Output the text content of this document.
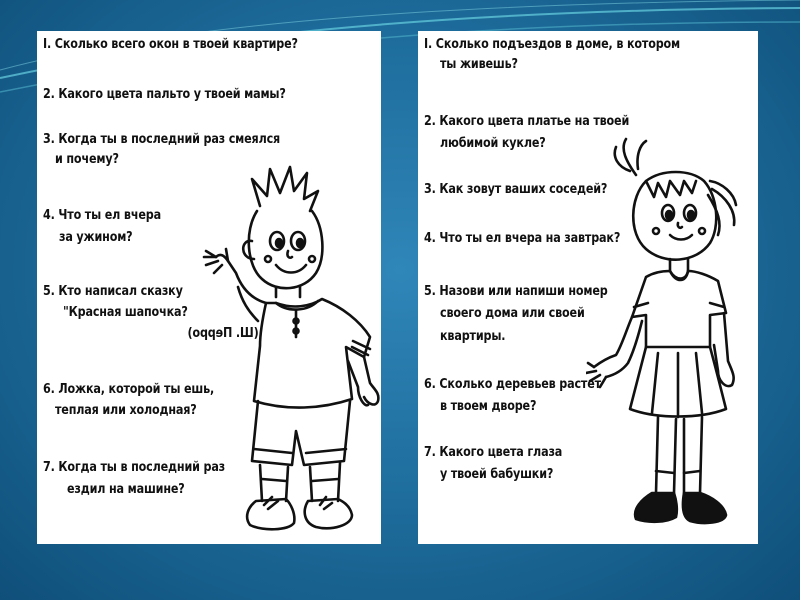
I. Сколько всего окон в твоей квартире?

2. Какого цвета пальто у твоей мамы?

3. Когда ты в последний раз смеялся

и почему?

4. Что ты ел вчера

за ужином?

5. Кто написал сказку

"Красная шапочка?

(Ш. Перро)

6. Ложка, которой ты ешь,

теплая или холодная?

7. Когда ты в последний раз

ездил на машине?

I. Сколько подъездов в доме, в котором

ты живешь?

2. Какого цвета платье на твоей

любимой кукле?

3. Как зовут ваших соседей?

4. Что ты ел вчера на завтрак?

5. Назови или напиши номер

своего дома или своей

квартиры.

6. Сколько деревьев растет

в твоем дворе?

7. Какого цвета глаза

у твоей бабушки?
